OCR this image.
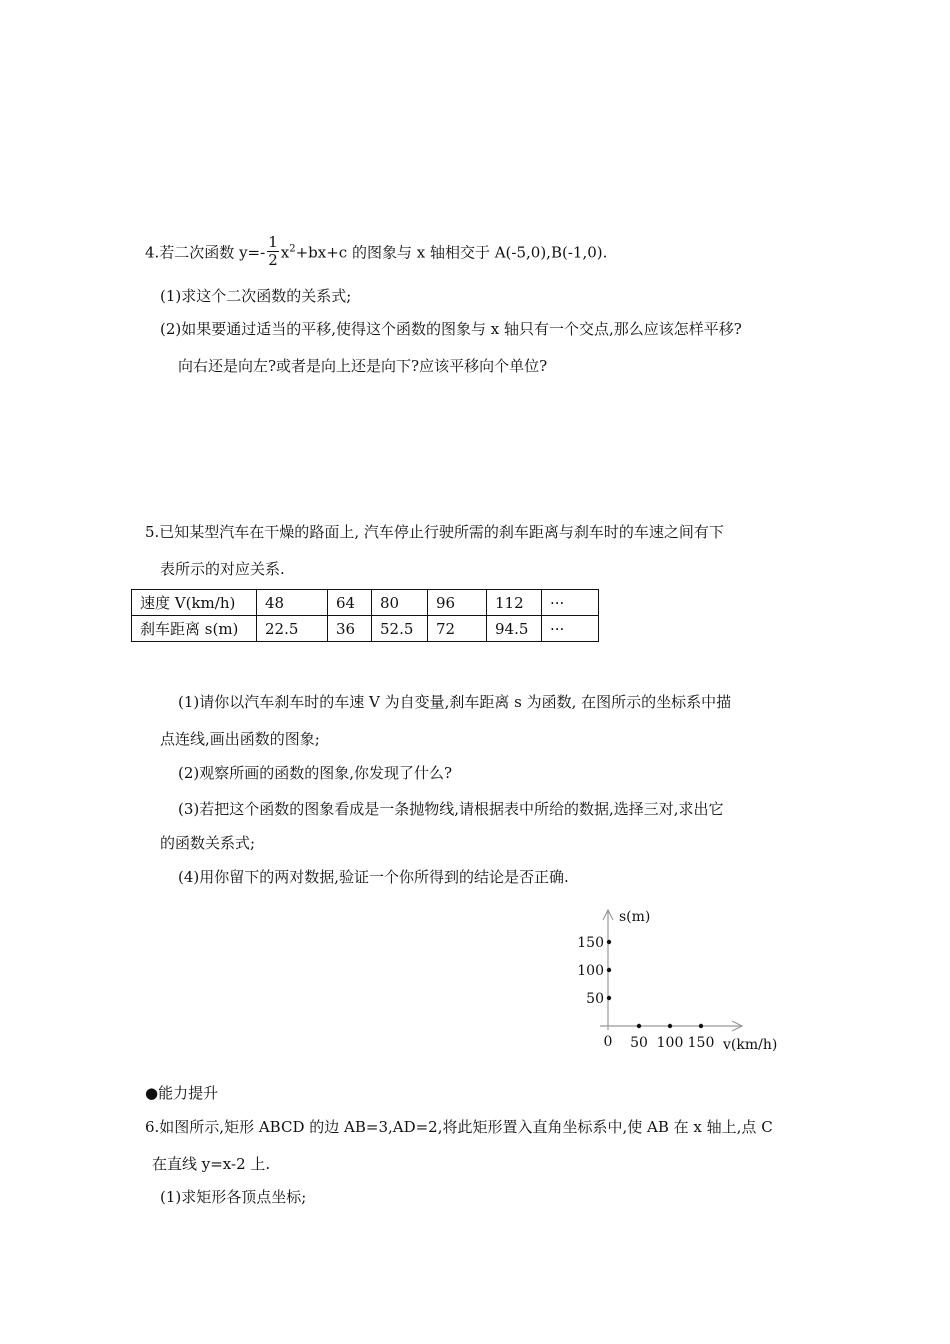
4.若二次函数 $y=- \frac{1}{2} x^2+bx+c$ 的图象与 x 轴相交于 A(-5,0),B(-1,0).
(1)求这个二次函数的关系式;
(2)如果要通过适当的平移,使得这个函数的图象与 x 轴只有一个交点,那么应该怎样平移?
向右还是向左?或者是向上还是向下?应该平移向个单位?
5.已知某型汽车在干燥的路面上, 汽车停止行驶所需的刹车距离与刹车时的车速之间有下
表所示的对应关系.
速度 V(km/h)	48	64	80	96	112	···
刹车距离 s(m)	22.5	36	52.5	72	94.5	···
(1)请你以汽车刹车时的车速 V 为自变量,刹车距离 s 为函数, 在图所示的坐标系中描
点连线,画出函数的图象;
(2)观察所画的函数的图象,你发现了什么?
(3)若把这个函数的图象看成是一条抛物线,请根据表中所给的数据,选择三对,求出它
的函数关系式;
(4)用你留下的两对数据,验证一个你所得到的结论是否正确.
50 100 150
50
100
150
0	v(km/h)
s(m)
●能力提升
6.如图所示,矩形 ABCD 的边 AB=3,AD=2,将此矩形置入直角坐标系中,使 AB 在 x 轴上,点 C
在直线 y=x-2 上.
(1)求矩形各顶点坐标;
